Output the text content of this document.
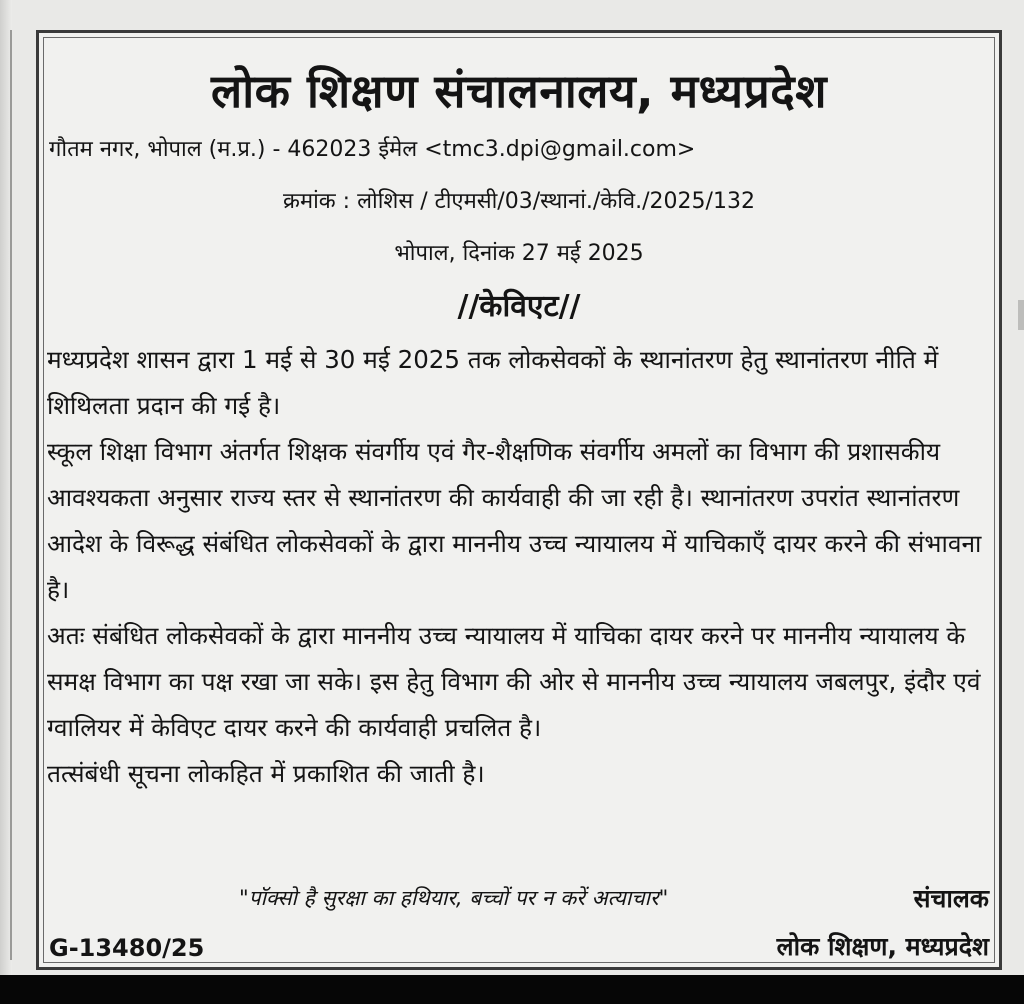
लोक शिक्षण संचालनालय, मध्यप्रदेश
गौतम नगर, भोपाल (म.प्र.) - 462023 ईमेल <tmc3.dpi@gmail.com>
क्रमांक : लोशिस / टीएमसी/03/स्थानां./केवि./2025/132
भोपाल, दिनांक 27 मई 2025
//केविएट//

मध्यप्रदेश शासन द्वारा 1 मई से 30 मई 2025 तक लोकसेवकों के स्थानांतरण हेतु स्थानांतरण नीति में शिथिलता प्रदान की गई है।

स्कूल शिक्षा विभाग अंतर्गत शिक्षक संवर्गीय एवं गैर-शैक्षणिक संवर्गीय अमलों का विभाग की प्रशासकीय आवश्यकता अनुसार राज्य स्तर से स्थानांतरण की कार्यवाही की जा रही है। स्थानांतरण उपरांत स्थानांतरण आदेश के विरूद्ध संबंधित लोकसेवकों के द्वारा माननीय उच्च न्यायालय में याचिकाएँ दायर करने की संभावना है।

अतः संबंधित लोकसेवकों के द्वारा माननीय उच्च न्यायालय में याचिका दायर करने पर माननीय न्यायालय के समक्ष विभाग का पक्ष रखा जा सके। इस हेतु विभाग की ओर से माननीय उच्च न्यायालय जबलपुर, इंदौर एवं ग्वालियर में केविएट दायर करने की कार्यवाही प्रचलित है।

तत्संबंधी सूचना लोकहित में प्रकाशित की जाती है।

"पॉक्सो है सुरक्षा का हथियार, बच्चों पर न करें अत्याचार"	संचालक
G-13480/25	लोक शिक्षण, मध्यप्रदेश
